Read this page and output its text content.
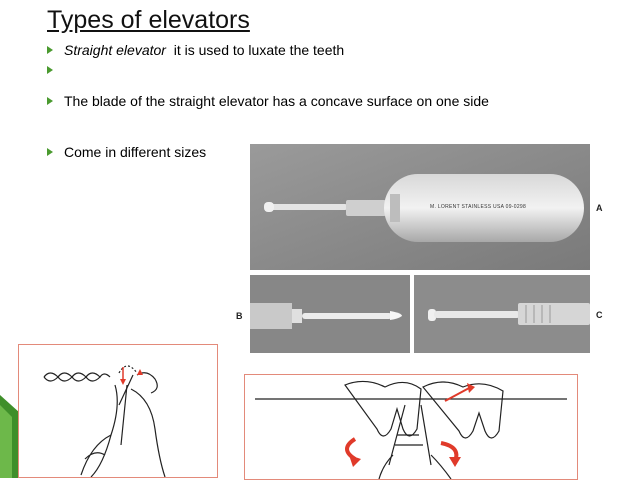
Types of elevators
Straight elevator it is used to luxate the teeth
The blade of the straight elevator has a concave surface on one side
Come in different sizes
M. LORENT STAINLESS USA 09-0298	A
B	C
